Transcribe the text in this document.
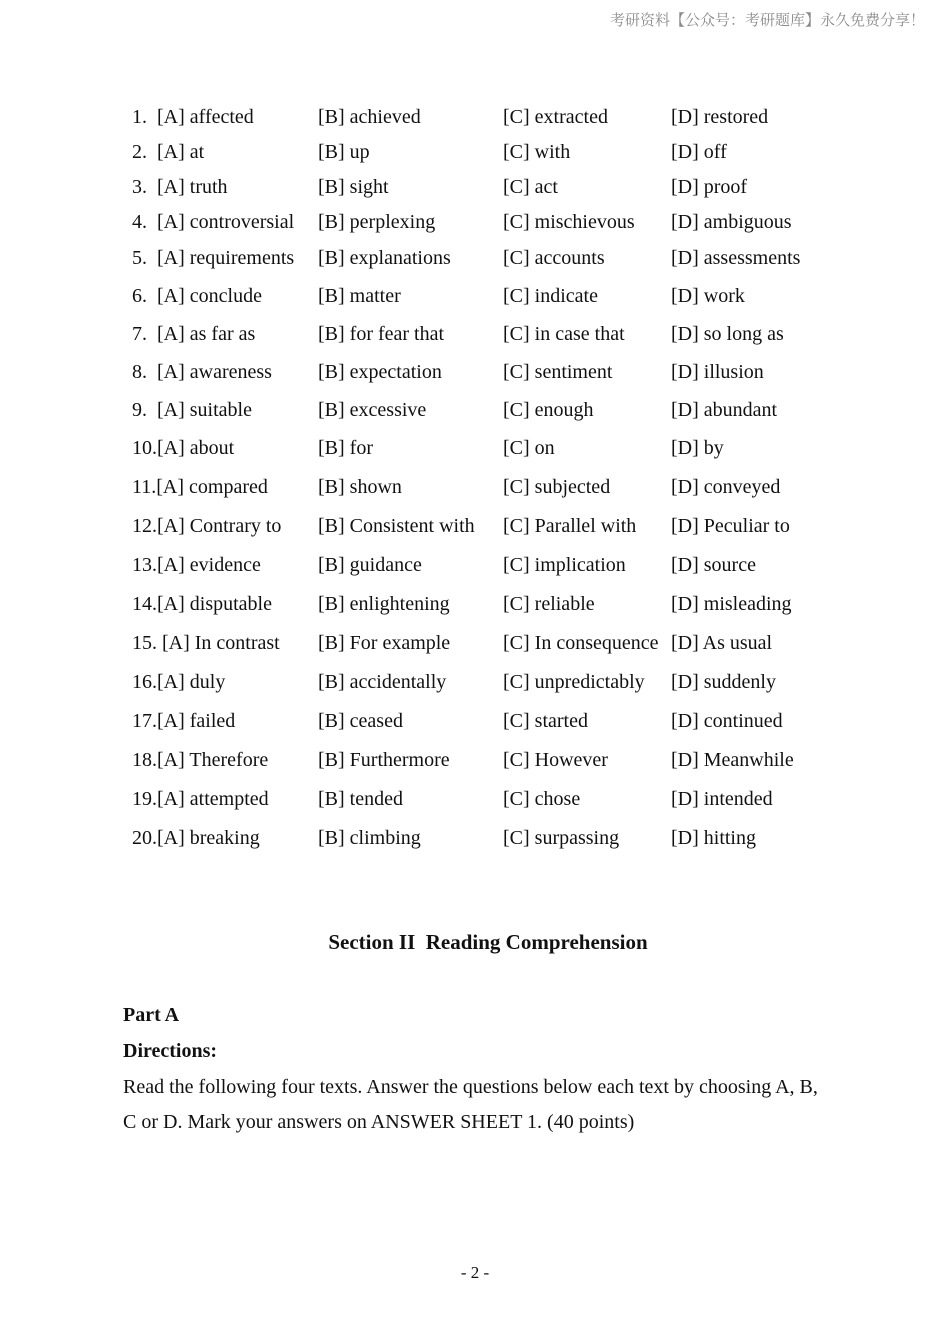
考研资料【公众号：考研题库】永久免费分享！
1.  [A] affected	[B] achieved	[C] extracted	[D] restored
2.  [A] at	[B] up	[C] with	[D] off
3.  [A] truth	[B] sight	[C] act	[D] proof
4.  [A] controversial [B] perplexing	[C] mischievous [D] ambiguous
5.  [A] requirements [B] explanations	[C] accounts	[D] assessments
6.  [A] conclude	[B] matter	[C] indicate	[D] work
7.  [A] as far as	[B] for fear that	[C] in case that [D] so long as
8.  [A] awareness [B] expectation	[C] sentiment	[D] illusion
9.  [A] suitable	[B] excessive	[C] enough	[D] abundant
10.[A] about	[B] for	[C] on	[D] by
11.[A] compared	[B] shown	[C] subjected	[D] conveyed
12.[A] Contrary to [B] Consistent with [C] Parallel with [D] Peculiar to
13.[A] evidence	[B] guidance	[C] implication [D] source
14.[A] disputable [B] enlightening	[C] reliable	[D] misleading
15. [A] In contrast [B] For example	[C] In consequence [D] As usual
16.[A] duly	[B] accidentally	[C] unpredictably [D] suddenly
17.[A] failed	[B] ceased	[C] started	[D] continued
18.[A] Therefore [B] Furthermore	[C] However	[D] Meanwhile
19.[A] attempted [B] tended	[C] chose	[D] intended
20.[A] breaking	[B] climbing	[C] surpassing	[D] hitting
Section II  Reading Comprehension
Part A
Directions:
Read the following four texts. Answer the questions below each text by choosing A, B, C or D. Mark your answers on ANSWER SHEET 1. (40 points)
- 2 -
